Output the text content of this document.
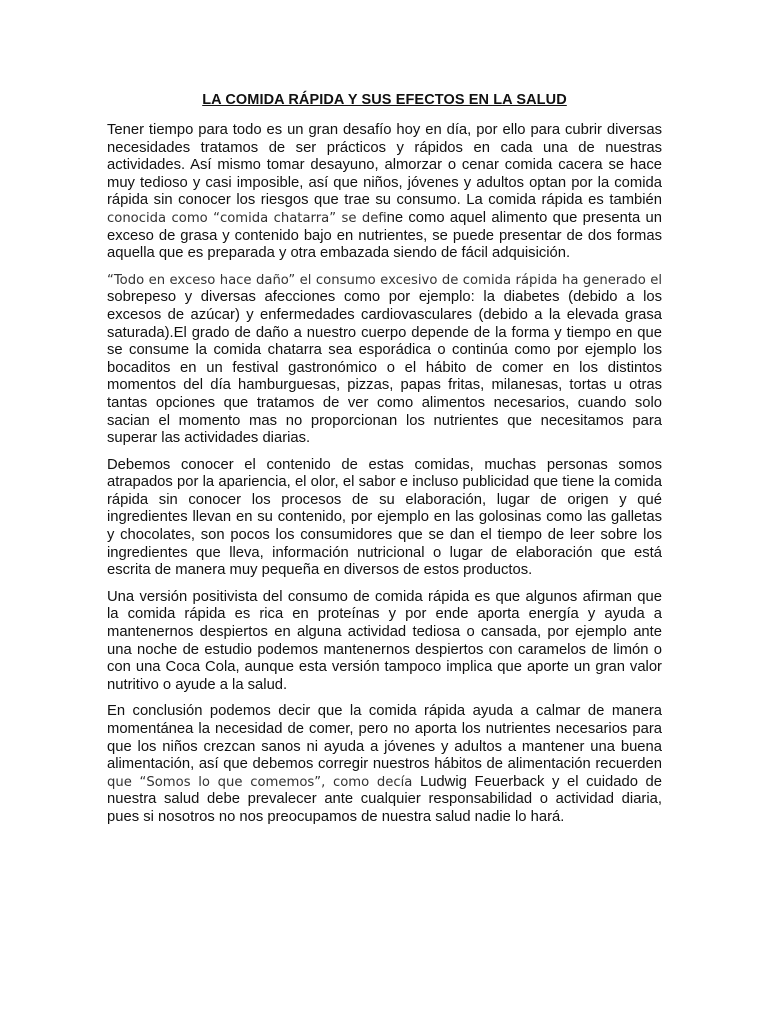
LA COMIDA RÁPIDA Y SUS EFECTOS EN LA SALUD

Tener tiempo para todo es un gran desafío hoy en día, por ello para cubrir diversas necesidades tratamos de ser prácticos y rápidos en cada una de nuestras actividades. Así mismo tomar desayuno, almorzar o cenar comida cacera se hace muy tedioso y casi imposible, así que niños, jóvenes y adultos optan por la comida rápida sin conocer los riesgos que trae su consumo. La comida rápida es también conocida como “comida chatarra” se define como aquel alimento que presenta un exceso de grasa y contenido bajo en nutrientes, se puede presentar de dos formas aquella que es preparada y otra embazada siendo de fácil adquisición.

“Todo en exceso hace daño” el consumo excesivo de comida rápida ha generado el sobrepeso y diversas afecciones como por ejemplo: la diabetes (debido a los excesos de azúcar) y enfermedades cardiovasculares (debido a la elevada grasa saturada).El grado de daño a nuestro cuerpo depende de la forma y tiempo en que se consume la comida chatarra sea esporádica o continúa como por ejemplo los bocaditos en un festival gastronómico o el hábito de comer en los distintos momentos del día hamburguesas, pizzas, papas fritas, milanesas, tortas u otras tantas opciones que tratamos de ver como alimentos necesarios, cuando solo sacian el momento mas no proporcionan los nutrientes que necesitamos para superar las actividades diarias.

Debemos conocer el contenido de estas comidas, muchas personas somos atrapados por la apariencia, el olor, el sabor e incluso publicidad que tiene la comida rápida sin conocer los procesos de su elaboración, lugar de origen y qué ingredientes llevan en su contenido, por ejemplo en las golosinas como las galletas y chocolates, son pocos los consumidores que se dan el tiempo de leer sobre los ingredientes que lleva, información nutricional o lugar de elaboración que está escrita de manera muy pequeña en diversos de estos productos.

Una versión positivista del consumo de comida rápida es que algunos afirman que la comida rápida es rica en proteínas y por ende aporta energía y ayuda a mantenernos despiertos en alguna actividad tediosa o cansada, por ejemplo ante una noche de estudio podemos mantenernos despiertos con caramelos de limón o con una Coca Cola, aunque esta versión tampoco implica que aporte un gran valor nutritivo o ayude a la salud.

En conclusión podemos decir que la comida rápida ayuda a calmar de manera momentánea la necesidad de comer, pero no aporta los nutrientes necesarios para que los niños crezcan sanos ni ayuda a jóvenes y adultos a mantener una buena alimentación, así que debemos corregir nuestros hábitos de alimentación recuerden que “Somos lo que comemos”, como decía Ludwig Feuerback y el cuidado de nuestra salud debe prevalecer ante cualquier responsabilidad o actividad diaria, pues si nosotros no nos preocupamos de nuestra salud nadie lo hará.
